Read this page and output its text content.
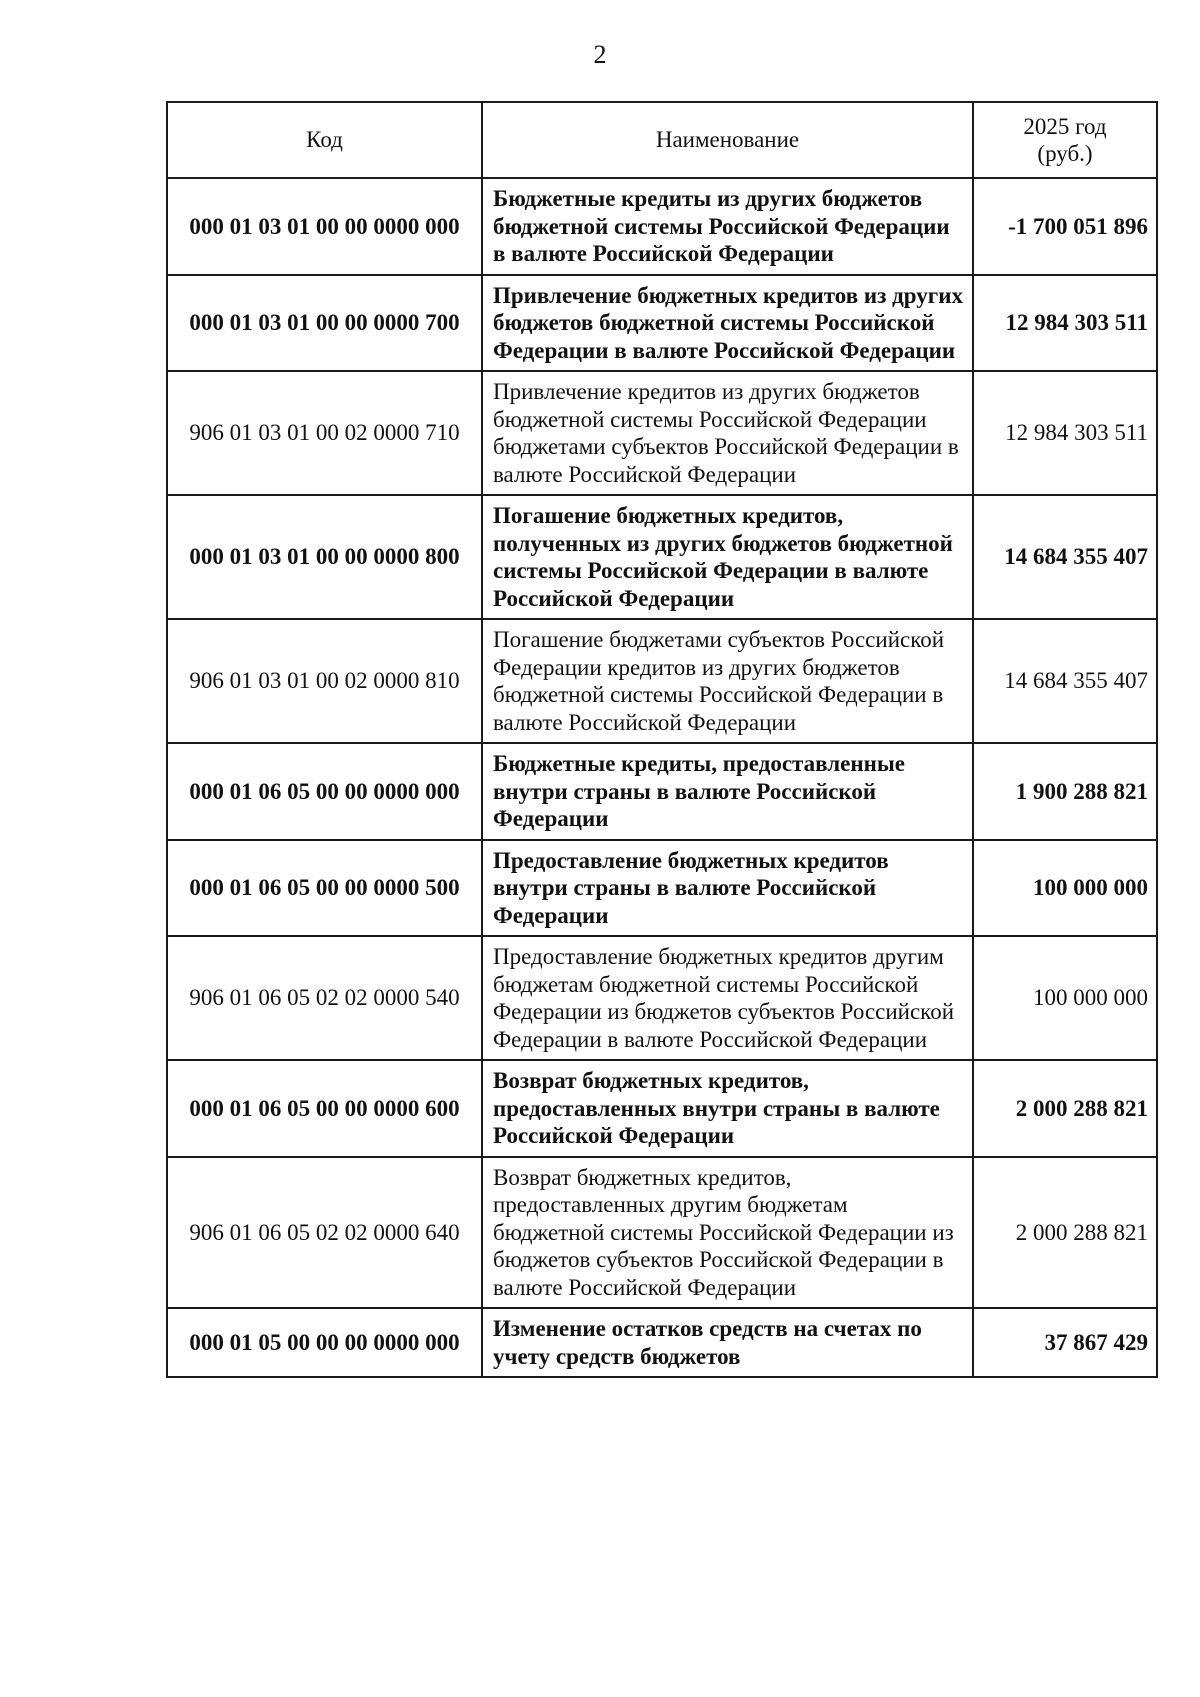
2
Код	Наименование	2025 год
(руб.)

000 01 03 01 00 00 0000 000	Бюджетные кредиты из других бюджетов бюджетной системы Российской Федерации в валюте Российской Федерации	-1 700 051 896
000 01 03 01 00 00 0000 700	Привлечение бюджетных кредитов из других бюджетов бюджетной системы Российской Федерации в валюте Российской Федерации	12 984 303 511
906 01 03 01 00 02 0000 710	Привлечение кредитов из других бюджетов бюджетной системы Российской Федерации бюджетами субъектов Российской Федерации в валюте Российской Федерации	12 984 303 511
000 01 03 01 00 00 0000 800	Погашение бюджетных кредитов, полученных из других бюджетов бюджетной системы Российской Федерации в валюте Российской Федерации	14 684 355 407
906 01 03 01 00 02 0000 810	Погашение бюджетами субъектов Российской Федерации кредитов из других бюджетов бюджетной системы Российской Федерации в валюте Российской Федерации	14 684 355 407
000 01 06 05 00 00 0000 000	Бюджетные кредиты, предоставленные внутри страны в валюте Российской Федерации	1 900 288 821
000 01 06 05 00 00 0000 500	Предоставление бюджетных кредитов внутри страны в валюте Российской Федерации	100 000 000
906 01 06 05 02 02 0000 540	Предоставление бюджетных кредитов другим бюджетам бюджетной системы Российской Федерации из бюджетов субъектов Российской Федерации в валюте Российской Федерации	100 000 000
000 01 06 05 00 00 0000 600	Возврат бюджетных кредитов, предоставленных внутри страны в валюте Российской Федерации	2 000 288 821
906 01 06 05 02 02 0000 640	Возврат бюджетных кредитов, предоставленных другим бюджетам бюджетной системы Российской Федерации из бюджетов субъектов Российской Федерации в валюте Российской Федерации	2 000 288 821
000 01 05 00 00 00 0000 000	Изменение остатков средств на счетах по учету средств бюджетов	37 867 429
